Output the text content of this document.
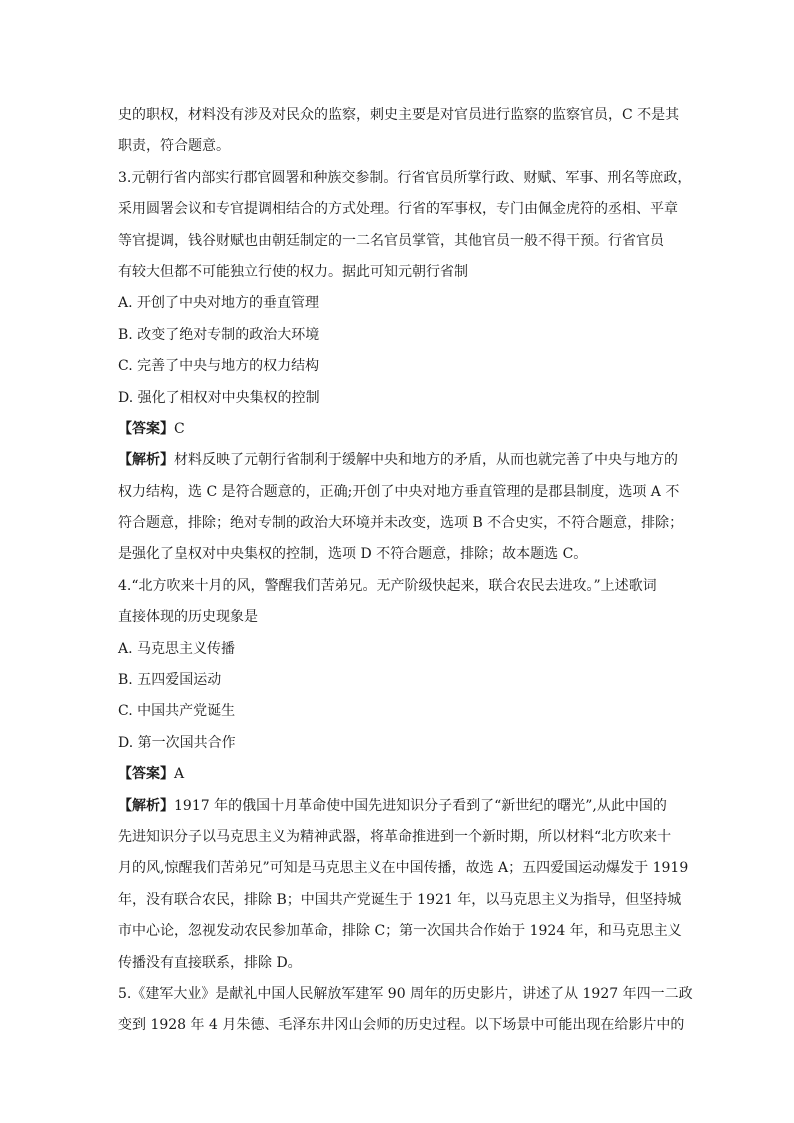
史的职权，材料没有涉及对民众的监察，刺史主要是对官员进行监察的监察官员，C 不是其
职责，符合题意。
3.元朝行省内部实行郡官圆署和种族交参制。行省官员所掌行政、财赋、军事、刑名等庶政，
采用圆署会议和专官提调相结合的方式处理。行省的军事权，专门由佩金虎符的丞相、平章
等官提调，钱谷财赋也由朝廷制定的一二名官员掌管，其他官员一般不得干预。行省官员
有较大但都不可能独立行使的权力。据此可知元朝行省制
A. 开创了中央对地方的垂直管理
B. 改变了绝对专制的政治大环境
C. 完善了中央与地方的权力结构
D. 强化了相权对中央集权的控制
【答案】C
【解析】材料反映了元朝行省制利于缓解中央和地方的矛盾，从而也就完善了中央与地方的
权力结构，选 C 是符合题意的，正确;开创了中央对地方垂直管理的是郡县制度，选项 A 不
符合题意，排除；绝对专制的政治大环境并未改变，选项 B 不合史实，不符合题意，排除；
是强化了皇权对中央集权的控制，选项 D 不符合题意，排除；故本题选 C。
4.“北方吹来十月的风，警醒我们苦弟兄。无产阶级快起来，联合农民去进攻。”上述歌词
直接体现的历史现象是
A. 马克思主义传播
B. 五四爱国运动
C. 中国共产党诞生
D. 第一次国共合作
【答案】A
【解析】1917 年的俄国十月革命使中国先进知识分子看到了“新世纪的曙光”,从此中国的
先进知识分子以马克思主义为精神武器，将革命推进到一个新时期，所以材料“北方吹来十
月的风,惊醒我们苦弟兄”可知是马克思主义在中国传播，故选 A；五四爱国运动爆发于 1919
年，没有联合农民，排除 B；中国共产党诞生于 1921 年，以马克思主义为指导，但坚持城
市中心论，忽视发动农民参加革命，排除 C；第一次国共合作始于 1924 年，和马克思主义
传播没有直接联系，排除 D。
5.《建军大业》是献礼中国人民解放军建军 90 周年的历史影片，讲述了从 1927 年四一二政
变到 1928 年 4 月朱德、毛泽东井冈山会师的历史过程。以下场景中可能出现在给影片中的
